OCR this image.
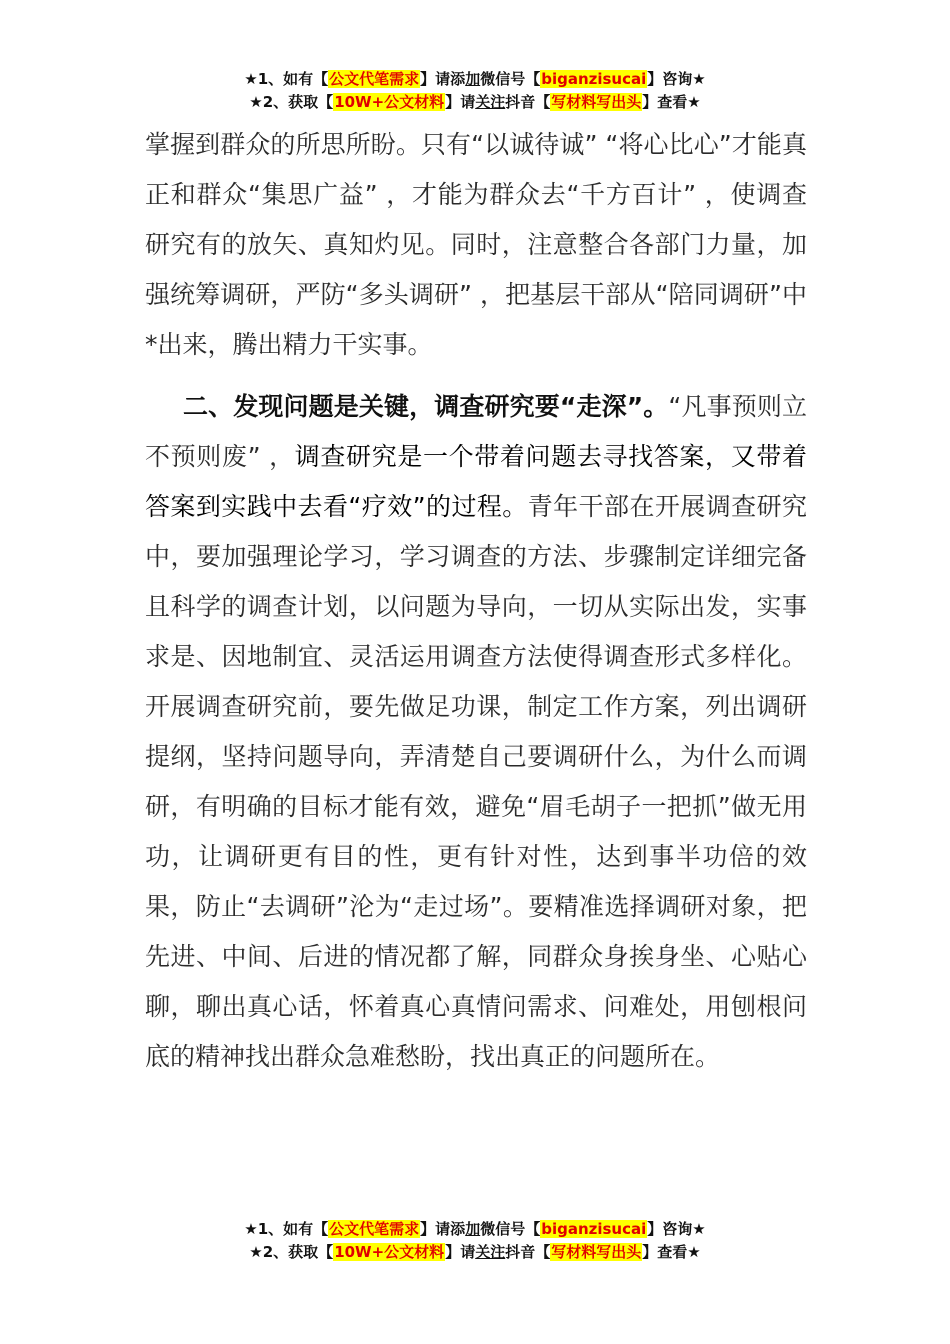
★1、如有【公文代笔需求】请添加微信号【biganzisucai】咨询★
★2、获取【10W+公文材料】请关注抖音【写材料写出头】查看★

掌握到群众的所思所盼。只有“以诚待诚” “将心比心”才能真正和群众“集思广益” ，才能为群众去“千方百计” ，使调查研究有的放矢、真知灼见。同时，注意整合各部门力量，加强统筹调研，严防“多头调研” ，把基层干部从“陪同调研”中*出来，腾出精力干实事。

二、发现问题是关键，调查研究要“走深”。“凡事预则立不预则废” ，调查研究是一个带着问题去寻找答案，又带着答案到实践中去看“疗效”的过程。青年干部在开展调查研究中，要加强理论学习，学习调查的方法、步骤制定详细完备且科学的调查计划，以问题为导向，一切从实际出发，实事求是、因地制宜、灵活运用调查方法使得调查形式多样化。 开展调查研究前，要先做足功课，制定工作方案，列出调研提纲，坚持问题导向，弄清楚自己要调研什么，为什么而调研，有明确的目标才能有效，避免“眉毛胡子一把抓”做无用功，让调研更有目的性，更有针对性，达到事半功倍的效果，防止“去调研”沦为“走过场”。要精准选择调研对象，把先进、中间、后进的情况都了解，同群众身挨身坐、心贴心聊，聊出真心话，怀着真心真情问需求、问难处，用刨根问底的精神找出群众急难愁盼，找出真正的问题所在。

★1、如有【公文代笔需求】请添加微信号【biganzisucai】咨询★
★2、获取【10W+公文材料】请关注抖音【写材料写出头】查看★
